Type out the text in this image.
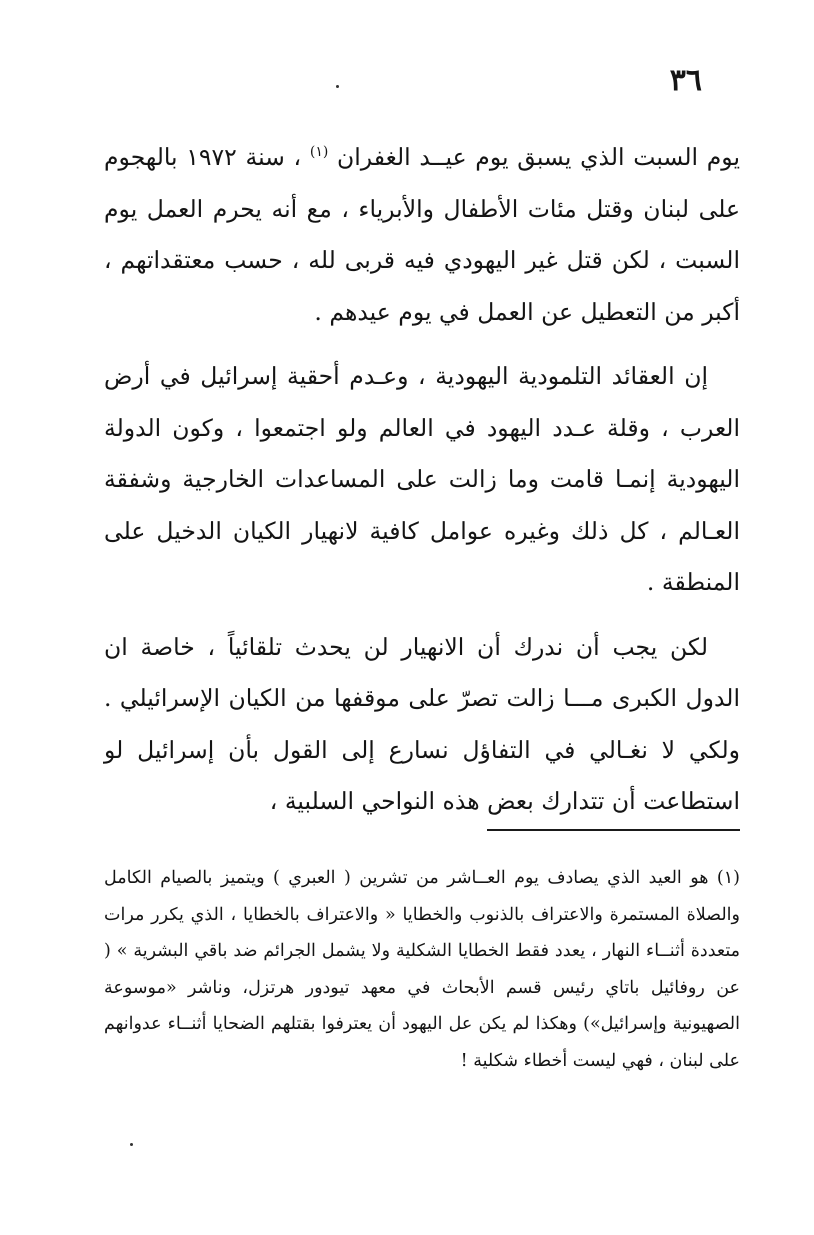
٣٦

يوم السبت الذي يسبق يوم عيــد الغفران $^{(١)}$ ، سنة ١٩٧٢ بالهجوم على لبنان وقتل مئات الأطفال والأبرياء ، مع أنه يحرم العمل يوم السبت ، لكن قتل غير اليهودي فيه قربى لله ، حسب معتقداتهم ، أكبر من التعطيل عن العمل في يوم عيدهم .

إن العقائد التلمودية اليهودية ، وعـدم أحقية إسرائيل في أرض العرب ، وقلة عـدد اليهود في العالم ولو اجتمعوا ، وكون الدولة اليهودية إنمـا قامت وما زالت على المساعدات الخارجية وشفقة العـالم ، كل ذلك وغيره عوامل كافية لانهيار الكيان الدخيل على المنطقة .

لكن يجب أن ندرك أن الانهيار لن يحدث تلقائياً ، خاصة ان الدول الكبرى مـــا زالت تصرّ على موقفها من الكيان الإسرائيلي . ولكي لا نغـالي في التفاؤل نسارع إلى القول بأن إسرائيل لو استطاعت أن تتدارك بعض هذه النواحي السلبية ،

(١) هو العيد الذي يصادف يوم العــاشر من تشرين ( العبري ) ويتميز بالصيام الكامل والصلاة المستمرة والاعتراف بالذنوب والخطايا « والاعتراف بالخطايا ، الذي يكرر مرات متعددة أثنــاء النهار ، يعدد فقط الخطايا الشكلية ولا يشمل الجرائم ضد باقي البشرية » ( عن روفائيل باتاي رئيس قسم الأبحاث في معهد تيودور هرتزل، وناشر «موسوعة الصهيونية وإسرائيل») وهكذا لم يكن عل اليهود أن يعترفوا بقتلهم الضحايا أثنــاء عدوانهم على لبنان ، فهي ليست أخطاء شكلية !
